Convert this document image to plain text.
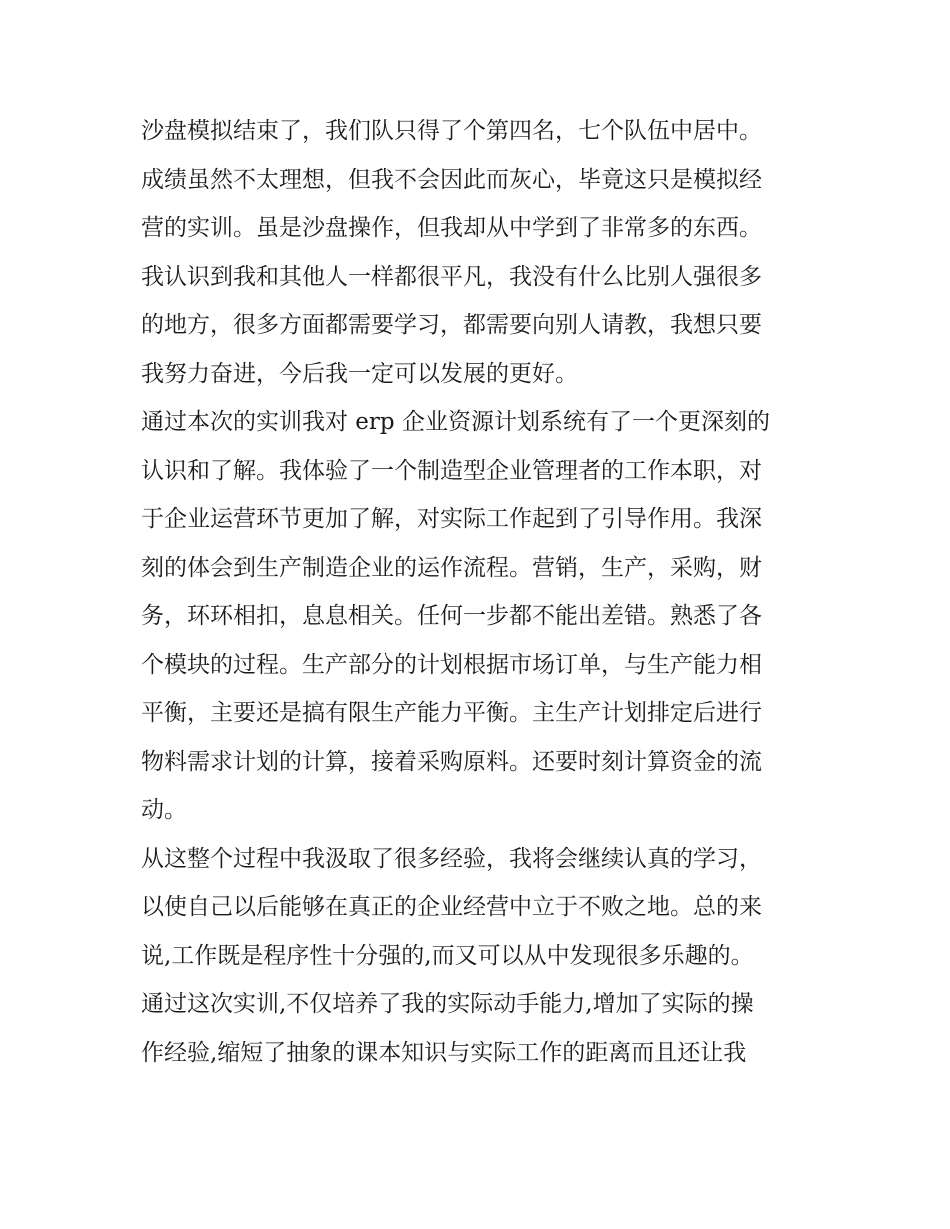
沙盘模拟结束了，我们队只得了个第四名，七个队伍中居中。
成绩虽然不太理想，但我不会因此而灰心，毕竟这只是模拟经
营的实训。虽是沙盘操作，但我却从中学到了非常多的东西。
我认识到我和其他人一样都很平凡，我没有什么比别人强很多
的地方，很多方面都需要学习，都需要向别人请教，我想只要
我努力奋进，今后我一定可以发展的更好。
通过本次的实训我对 erp 企业资源计划系统有了一个更深刻的
认识和了解。我体验了一个制造型企业管理者的工作本职，对
于企业运营环节更加了解，对实际工作起到了引导作用。我深
刻的体会到生产制造企业的运作流程。营销，生产，采购，财
务，环环相扣，息息相关。任何一步都不能出差错。熟悉了各
个模块的过程。生产部分的计划根据市场订单，与生产能力相
平衡，主要还是搞有限生产能力平衡。主生产计划排定后进行
物料需求计划的计算，接着采购原料。还要时刻计算资金的流
动。
从这整个过程中我汲取了很多经验，我将会继续认真的学习，
以使自己以后能够在真正的企业经营中立于不败之地。总的来
说,工作既是程序性十分强的,而又可以从中发现很多乐趣的。
通过这次实训,不仅培养了我的实际动手能力,增加了实际的操
作经验,缩短了抽象的课本知识与实际工作的距离而且还让我
